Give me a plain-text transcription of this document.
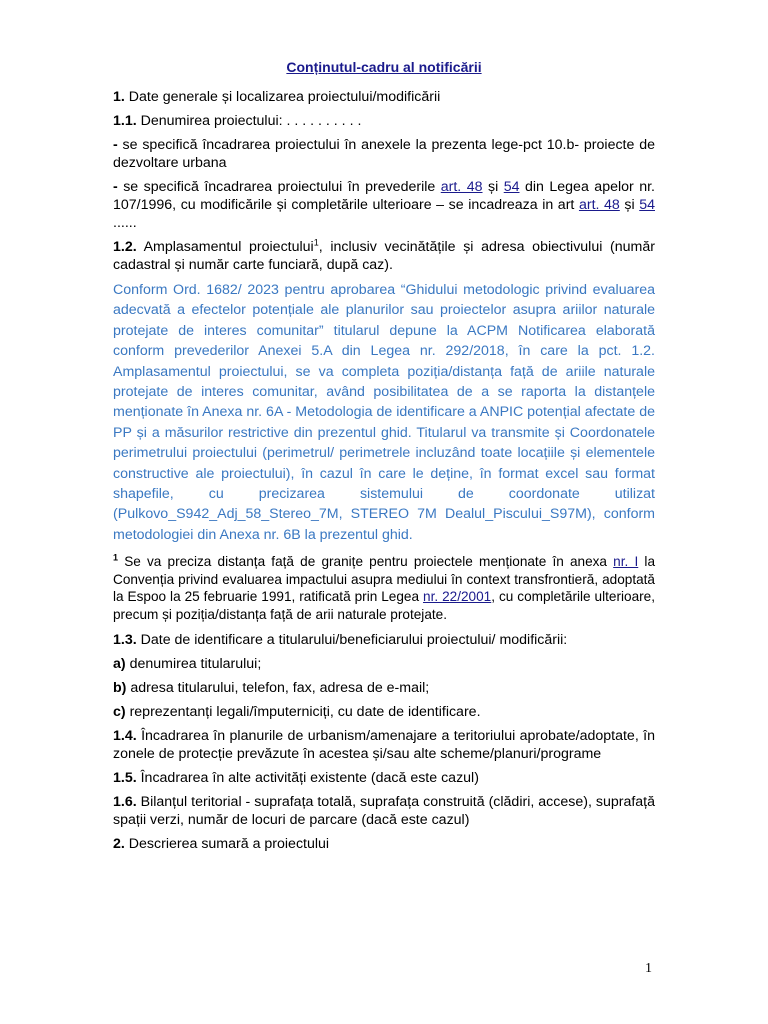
Conținutul-cadru al notificării

1. Date generale și localizarea proiectului/modificării

1.1. Denumirea proiectului: . . . . . . . . . .

- se specifică încadrarea proiectului în anexele la prezenta lege-pct 10.b- proiecte de dezvoltare urbana

- se specifică încadrarea proiectului în prevederile art. 48 și 54 din Legea apelor nr. 107/1996, cu modificările și completările ulterioare – se incadreaza in art art. 48 și 54 ......

1.2. Amplasamentul proiectului$^1$, inclusiv vecinătățile și adresa obiectivului (număr cadastral și număr carte funciară, după caz).

Conform Ord. 1682/ 2023 pentru aprobarea “Ghidului metodologic privind evaluarea adecvată a efectelor potențiale ale planurilor sau proiectelor asupra ariilor naturale protejate de interes comunitar” titularul depune la ACPM Notificarea elaborată conform prevederilor Anexei 5.A din Legea nr. 292/2018, în care la pct. 1.2. Amplasamentul proiectului, se va completa poziția/distanța față de ariile naturale protejate de interes comunitar, având posibilitatea de a se raporta la distanțele menționate în Anexa nr. 6A - Metodologia de identificare a ANPIC potențial afectate de PP și a măsurilor restrictive din prezentul ghid. Titularul va transmite și Coordonatele perimetrului proiectului (perimetrul/ perimetrele incluzând toate locațiile și elementele constructive ale proiectului), în cazul în care le deține, în format excel sau format shapefile, cu precizarea sistemului de coordonate utilizat (Pulkovo_S942_Adj_58_Stereo_7M, STEREO 7M Dealul_Piscului_S97M), conform metodologiei din Anexa nr. 6B la prezentul ghid.

$^1$ Se va preciza distanța față de granițe pentru proiectele menționate în anexa nr. I la Convenția privind evaluarea impactului asupra mediului în context transfrontieră, adoptată la Espoo la 25 februarie 1991, ratificată prin Legea nr. 22/2001, cu completările ulterioare, precum și poziția/distanța față de arii naturale protejate.

1.3. Date de identificare a titularului/beneficiarului proiectului/ modificării:

a) denumirea titularului;

b) adresa titularului, telefon, fax, adresa de e-mail;

c) reprezentanți legali/împuterniciți, cu date de identificare.

1.4. Încadrarea în planurile de urbanism/amenajare a teritoriului aprobate/adoptate, în zonele de protecție prevăzute în acestea și/sau alte scheme/planuri/programe

1.5. Încadrarea în alte activități existente (dacă este cazul)

1.6. Bilanțul teritorial - suprafața totală, suprafața construită (clădiri, accese), suprafață spații verzi, număr de locuri de parcare (dacă este cazul)

2. Descrierea sumară a proiectului

1
